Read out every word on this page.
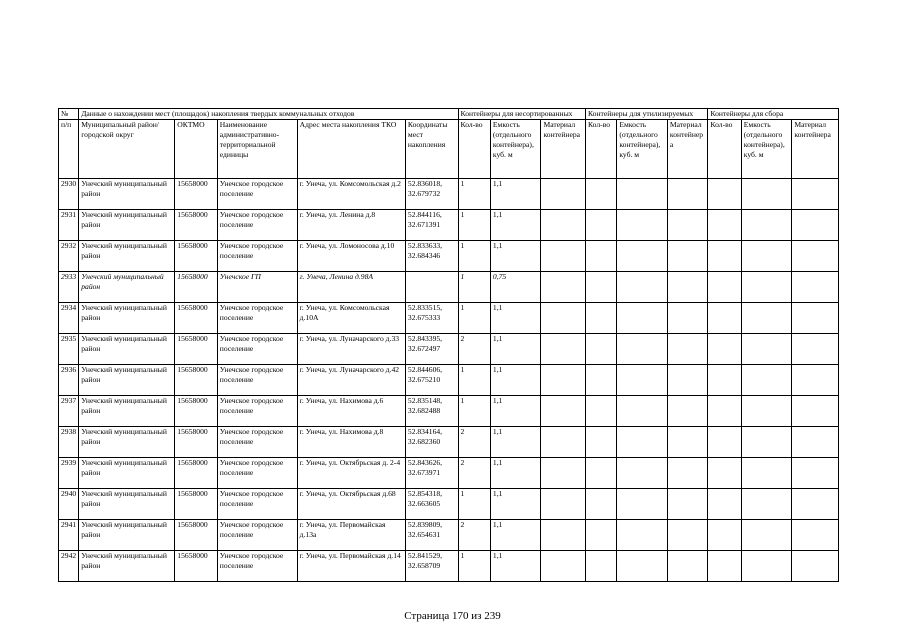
№	Данные о нахождении мест (площадок) накопления твердых коммунальных отходов					Контейнеры для несортированных			Контейнеры для утилизируемых			Контейнеры для сбора		
п/п	Муниципальный район/городской округ	ОКТМО	Наименование административно-территориальной единицы	Адрес места накопления ТКО	Координаты мест накопления	Кол-во	Емкость (отдельного контейнера), куб. м	Материал контейнера	Кол-во	Емкость (отдельного контейнера), куб. м	Материал контейнер а	Кол-во	Емкость (отдельного контейнера), куб. м	Материал контейнера
2930	Унечский муниципальный район	15658000	Унечское городское поселение	г. Унеча, ул. Комсомольская д.2	52.836018, 32.679732	1	1,1							
2931	Унечский муниципальный район	15658000	Унечское городское поселение	г. Унеча, ул. Ленина д.8	52.844116, 32.671391	1	1,1							
2932	Унечский муниципальный район	15658000	Унечское городское поселение	г. Унеча, ул. Ломоносова д.10	52.833633, 32.684346	1	1,1							
2933	Унечский муниципальный район	15658000	Унечское ГП	г. Унеча, Ленина д.98А		1	0,75							
2934	Унечский муниципальный район	15658000	Унечское городское поселение	г. Унеча, ул. Комсомольская д.10А	52.833515, 32.675333	1	1,1							
2935	Унечский муниципальный район	15658000	Унечское городское поселение	г. Унеча, ул. Луначарского д.33	52.843395, 32.672497	2	1,1							
2936	Унечский муниципальный район	15658000	Унечское городское поселение	г. Унеча, ул. Луначарского д.42	52.844606, 32.675210	1	1,1							
2937	Унечский муниципальный район	15658000	Унечское городское поселение	г. Унеча, ул. Нахимова д.6	52.835148, 32.682488	1	1,1							
2938	Унечский муниципальный район	15658000	Унечское городское поселение	г. Унеча, ул. Нахимова д.8	52.834164, 32.682360	2	1,1							
2939	Унечский муниципальный район	15658000	Унечское городское поселение	г. Унеча, ул. Октябрьская д. 2-4	52.843626, 32.673971	2	1,1							
2940	Унечский муниципальный район	15658000	Унечское городское поселение	г. Унеча, ул. Октябрьская д.68	52.854318, 32.663605	1	1,1							
2941	Унечский муниципальный район	15658000	Унечское городское поселение	г. Унеча, ул. Первомайская д.13а	52.839809, 32.654631	2	1,1							
2942	Унечский муниципальный район	15658000	Унечское городское поселение	г. Унеча, ул. Первомайская д.14	52.841529, 32.658709	1	1,1							
Страница 170 из 239
